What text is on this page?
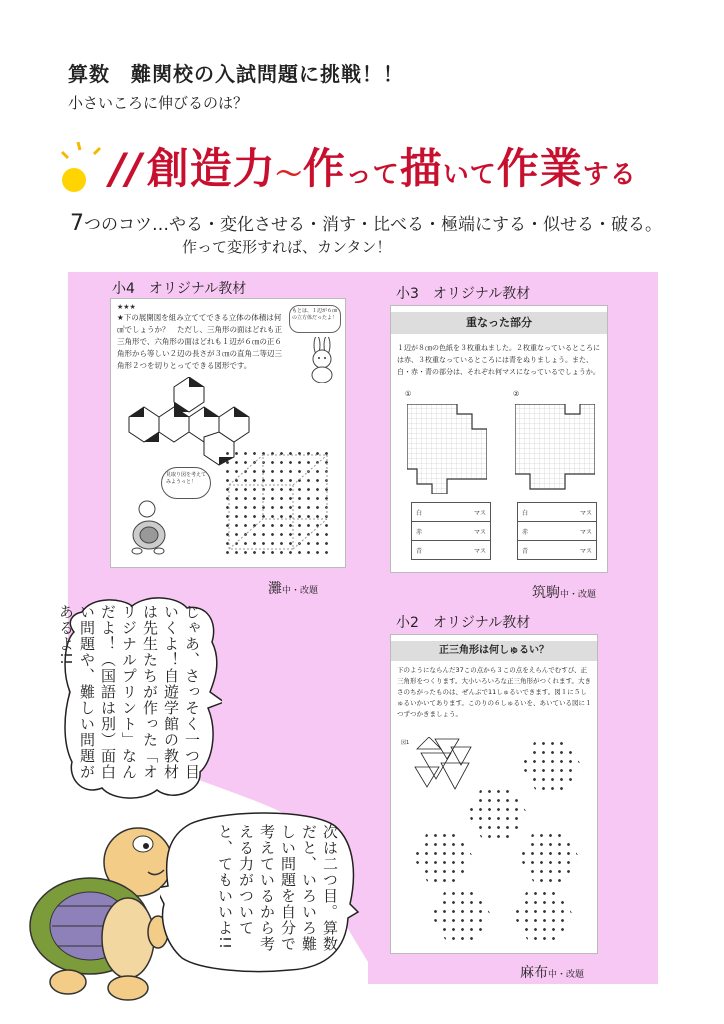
算数　難関校の入試問題に挑戦！！
小さいころに伸びるのは？
//創造力〜作って描いて作業する
7つのコツ…やる・変化させる・消す・比べる・極端にする・似せる・破る。
作って変形すれば、カンタン！
小4　オリジナル教材
★★★
★下の展開図を組み立ててできる立体の体積は何㎤でしょうか？　ただし、三角形の面はどれも正三角形で、六角形の面はどれも１辺が６㎝の正６角形から等しい２辺の長さが３㎝の直角二等辺三角形２つを切りとってできる図形です。
もとは、１辺が６㎝の立方体だったよ！
見取り図を考えてみようっと！
灘中・改題
小3　オリジナル教材
重なった部分
１辺が８㎝の色紙を３枚重ねました。２枚重なっているところには赤、３枚重なっているところには青をぬりましょう。また、白・赤・青の部分は、それぞれ何マスになっているでしょうか。
①	②
白	マス
赤	マス
青	マス
白	マス
赤	マス
青	マス
筑駒中・改題
小2　オリジナル教材
正三角形は何しゅるい？
下のようにならんだ37この点から３この点をえらんでむすび、正三角形をつくります。大小いろいろな正三角形がつくれます。大きさのちがったものは、ぜんぶで11しゅるいできます。図１に５しゅるいかいてあります。このりの６しゅるいを、あいている図に１つずつかきましょう。
図1
麻布中・改題
じゃあ、さっそく一つ目いくよ！自遊学館の教材は先生たちが作った「オリジナルプリント」なんだよ！（国語は別）面白い問題や、難しい問題があるよ!!
次は二つ目。算数だと、いろいろ難しい問題を自分で考えているから考える力がついてと、てもいいよ!!
